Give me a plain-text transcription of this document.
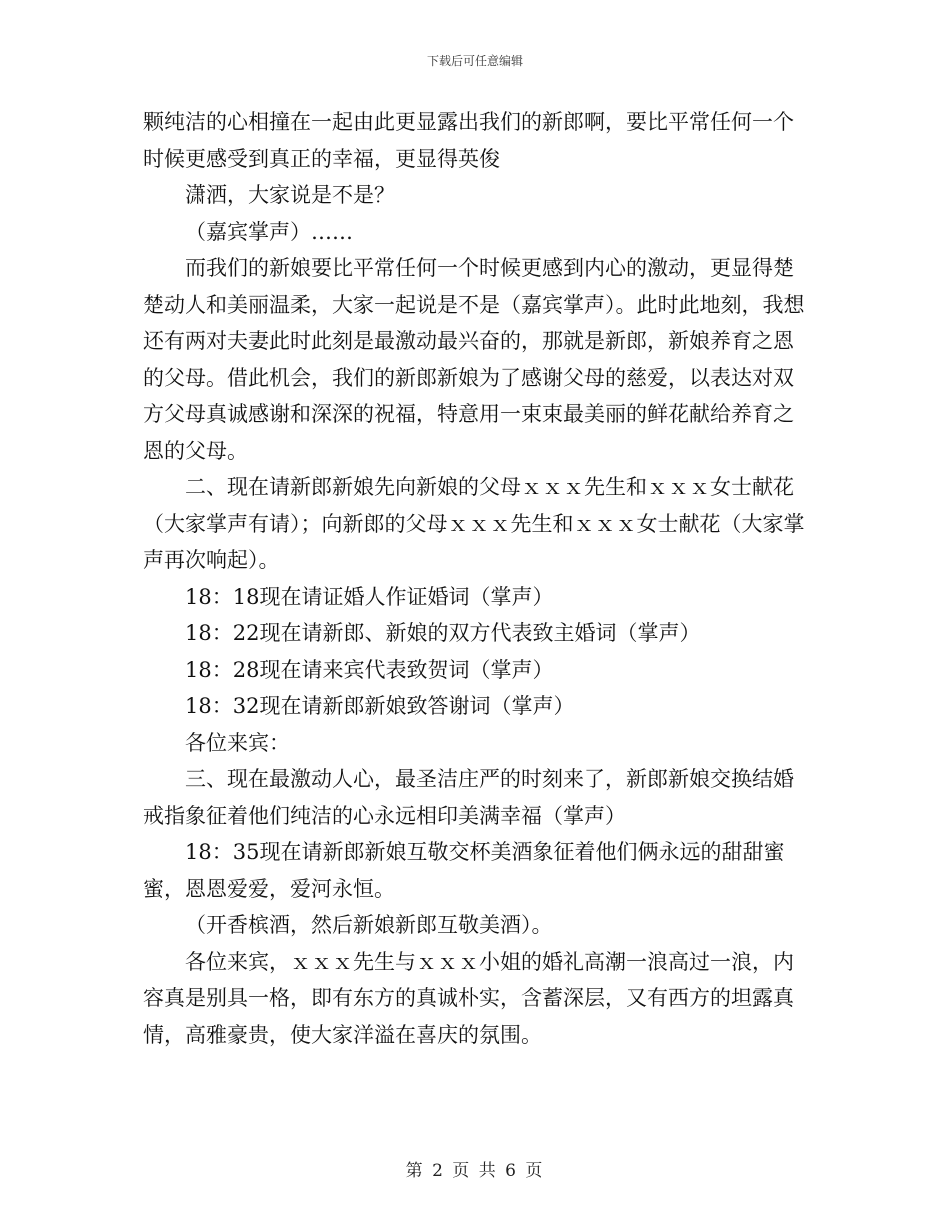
下载后可任意编辑

颗纯洁的心相撞在一起由此更显露出我们的新郎啊，要比平常任何一个时候更感受到真正的幸福，更显得英俊

潇洒，大家说是不是？

（嘉宾掌声）……

而我们的新娘要比平常任何一个时候更感到内心的激动，更显得楚楚动人和美丽温柔，大家一起说是不是（嘉宾掌声）。此时此地刻，我想还有两对夫妻此时此刻是最激动最兴奋的，那就是新郎，新娘养育之恩的父母。借此机会，我们的新郎新娘为了感谢父母的慈爱，以表达对双方父母真诚感谢和深深的祝福，特意用一束束最美丽的鲜花献给养育之恩的父母。

二、现在请新郎新娘先向新娘的父母ｘｘｘ先生和ｘｘｘ女士献花（大家掌声有请）；向新郎的父母ｘｘｘ先生和ｘｘｘ女士献花（大家掌声再次响起）。

18：18现在请证婚人作证婚词（掌声）

18：22现在请新郎、新娘的双方代表致主婚词（掌声）

18：28现在请来宾代表致贺词（掌声）

18：32现在请新郎新娘致答谢词（掌声）

各位来宾：

三、现在最激动人心，最圣洁庄严的时刻来了，新郎新娘交换结婚戒指象征着他们纯洁的心永远相印美满幸福（掌声）

18：35现在请新郎新娘互敬交杯美酒象征着他们俩永远的甜甜蜜蜜，恩恩爱爱，爱河永恒。

（开香槟酒，然后新娘新郎互敬美酒）。

各位来宾，ｘｘｘ先生与ｘｘｘ小姐的婚礼高潮一浪高过一浪，内容真是别具一格，即有东方的真诚朴实，含蓄深层，又有西方的坦露真情，高雅豪贵，使大家洋溢在喜庆的氛围。

第 2 页 共 6 页
